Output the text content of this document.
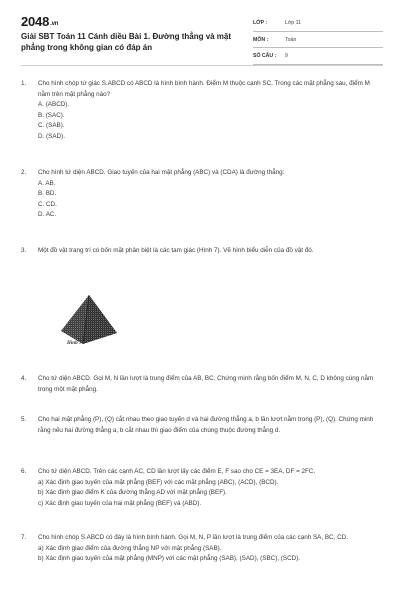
2048.vn
Giải SBT Toán 11 Cánh diều Bài 1. Đường thẳng và mặt phẳng trong không gian có đáp án
LỚP :	Lớp 11
MÔN :	Toán
SỐ CÂU : 9
1. Cho hình chóp tứ giác S.ABCD có ABCD là hình bình hành. Điểm M thuộc cạnh SC. Trong các mặt phẳng sau, điểm M nằm trên mặt phẳng nào?

A. (ABCD).

B. (SAC).

C. (SAB).

D. (SAD).

2. Cho hình tứ diện ABCD. Giao tuyến của hai mặt phẳng (ABC) và (CDA) là đường thẳng:

A. AB.

B. BD.

C. CD.

D. AC.

3. Một đồ vật trang trí có bốn mặt phân biệt là các tam giác (Hình 7). Vẽ hình biểu diễn của đồ vật đó.

Hình 7
4. Cho tứ diện ABCD. Gọi M, N lần lượt là trung điểm của AB, BC. Chứng minh rằng bốn điểm M, N, C, D không cùng nằm trong một mặt phẳng.

5. Cho hai mặt phẳng (P), (Q) cắt nhau theo giao tuyến d và hai đường thẳng a, b lần lượt nằm trong (P), (Q). Chứng minh rằng nếu hai đường thẳng a, b cắt nhau thì giao điểm của chúng thuộc đường thẳng d.

6. Cho tứ diện ABCD. Trên các cạnh AC, CD lần lượt lấy các điểm E, F sao cho CE = 3EA, DF = 2FC.

a) Xác định giao tuyến của mặt phẳng (BEF) với các mặt phẳng (ABC), (ACD), (BCD).

b) Xác định giao điểm K của đường thẳng AD với mặt phẳng (BEF).

c) Xác định giao tuyến của hai mặt phẳng (BEF) và (ABD).

7. Cho hình chóp S.ABCD có đáy là hình bình hành. Gọi M, N, P lần lượt là trung điểm của các cạnh SA, BC, CD.

a) Xác định giao điểm của đường thẳng NP với mặt phẳng (SAB).

b) Xác định giao tuyến của mặt phẳng (MNP) với các mặt phẳng (SAB), (SAD), (SBC), (SCD).
